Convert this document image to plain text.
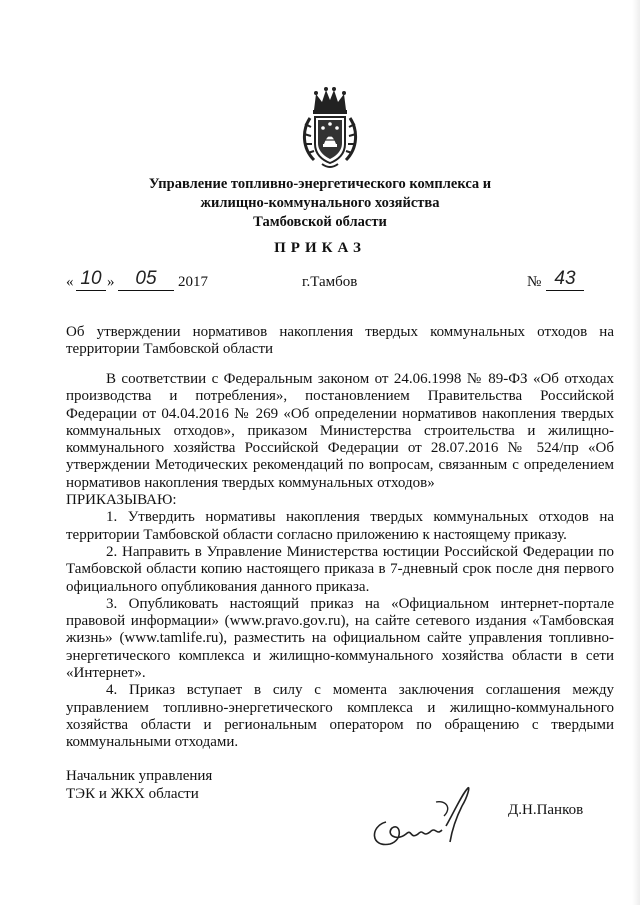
Управление топливно-энергетического комплекса и
жилищно-коммунального хозяйства
Тамбовской области
ПРИКАЗ
« 10 »	05	2017	г.Тамбов	№ 43
Об утверждении нормативов накопления твердых коммунальных отходов на территории Тамбовской области

В соответствии с Федеральным законом от 24.06.1998 № 89-ФЗ «Об отходах производства и потребления», постановлением Правительства Российской Федерации от 04.04.2016 № 269 «Об определении нормативов накопления твердых коммунальных отходов», приказом Министерства строительства и жилищно-коммунального хозяйства Российской Федерации от 28.07.2016 № 524/пр «Об утверждении Методических рекомендаций по вопросам, связанным с определением нормативов накопления твердых коммунальных отходов»

ПРИКАЗЫВАЮ:

1. Утвердить нормативы накопления твердых коммунальных отходов на территории Тамбовской области согласно приложению к настоящему приказу.

2. Направить в Управление Министерства юстиции Российской Федерации по Тамбовской области копию настоящего приказа в 7-дневный срок после дня первого официального опубликования данного приказа.

3. Опубликовать настоящий приказ на «Официальном интернет-портале правовой информации» (www.pravo.gov.ru), на сайте сетевого издания «Тамбовская жизнь» (www.tamlife.ru), разместить на официальном сайте управления топливно-энергетического комплекса и жилищно-коммунального хозяйства области в сети «Интернет».

4. Приказ вступает в силу с момента заключения соглашения между управлением топливно-энергетического комплекса и жилищно-коммунального хозяйства области и региональным оператором по обращению с твердыми коммунальными отходами.

Начальник управления
ТЭК и ЖКХ области
Д.Н.Панков
